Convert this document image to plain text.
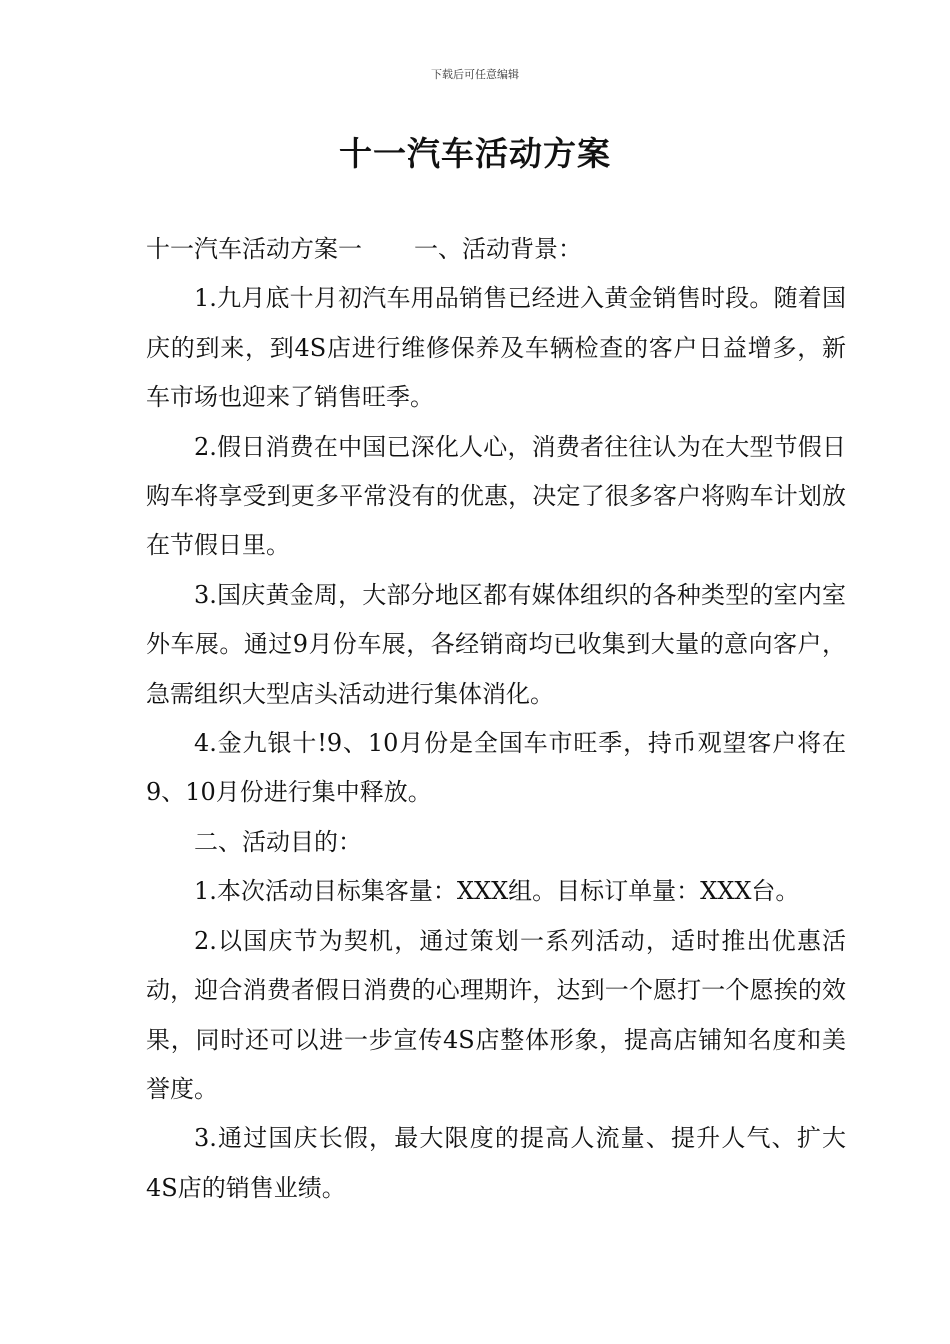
下载后可任意编辑
十一汽车活动方案

十一汽车活动方案一 一、活动背景：

1.九月底十月初汽车用品销售已经进入黄金销售时段。随着国庆的到来，到4S店进行维修保养及车辆检查的客户日益增多，新车市场也迎来了销售旺季。

2.假日消费在中国已深化人心，消费者往往认为在大型节假日购车将享受到更多平常没有的优惠，决定了很多客户将购车计划放在节假日里。

3.国庆黄金周，大部分地区都有媒体组织的各种类型的室内室外车展。通过9月份车展，各经销商均已收集到大量的意向客户，急需组织大型店头活动进行集体消化。

4.金九银十!9、10月份是全国车市旺季，持币观望客户将在9、10月份进行集中释放。

二、活动目的：

1.本次活动目标集客量：XXX组。目标订单量：XXX台。

2.以国庆节为契机，通过策划一系列活动，适时推出优惠活动，迎合消费者假日消费的心理期许，达到一个愿打一个愿挨的效果，同时还可以进一步宣传4S店整体形象，提高店铺知名度和美誉度。

3.通过国庆长假，最大限度的提高人流量、提升人气、扩大4S店的销售业绩。
